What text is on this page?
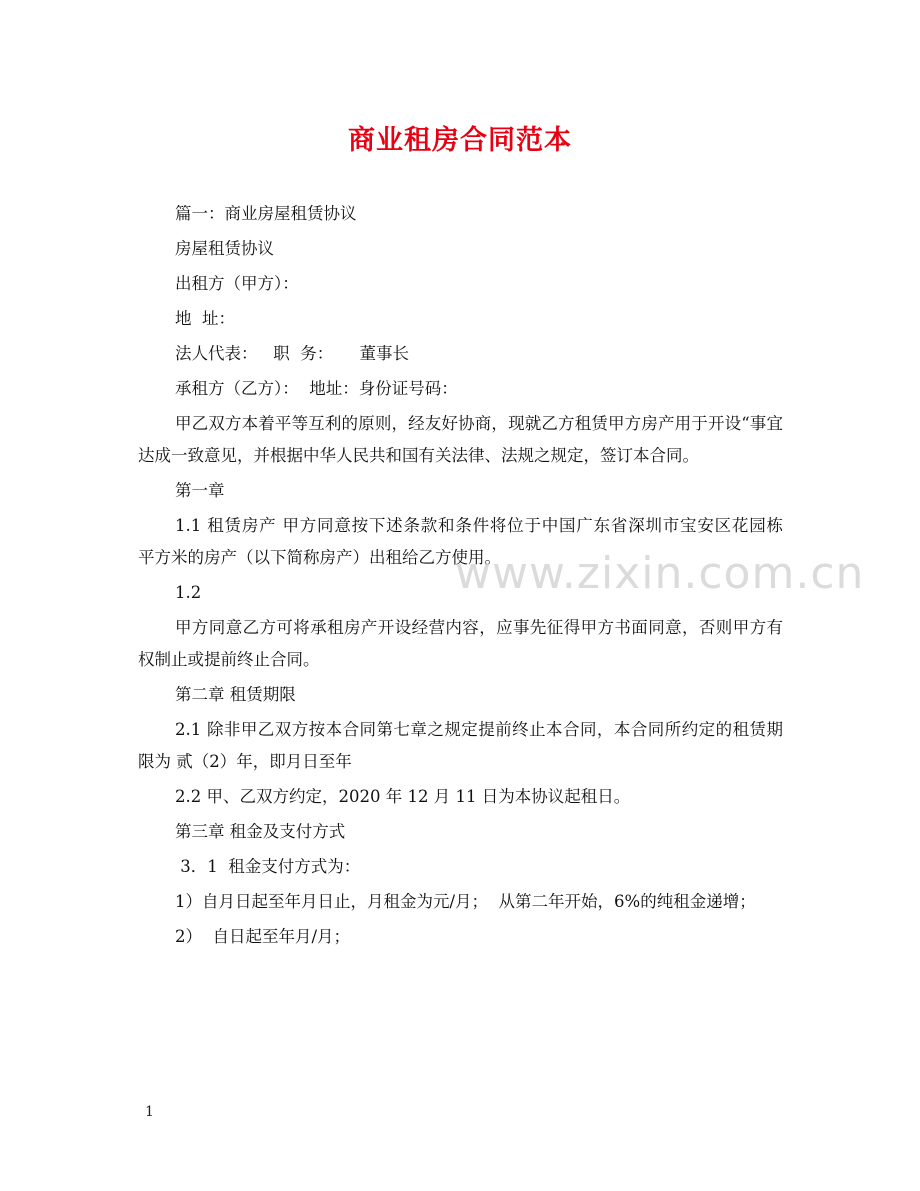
商业租房合同范本

篇一：商业房屋租赁协议

房屋租赁协议

出租方（甲方）：

地  址：

法人代表：   职  务：     董事长

承租方（乙方）：  地址：身份证号码：

甲乙双方本着平等互利的原则，经友好协商，现就乙方租赁甲方房产用于开设“事宜达成一致意见，并根据中华人民共和国有关法律、法规之规定，签订本合同。

第一章

1.1 租赁房产 甲方同意按下述条款和条件将位于中国广东省深圳市宝安区花园栋   平方米的房产（以下简称房产）出租给乙方使用。

1.2

甲方同意乙方可将承租房产开设经营内容，应事先征得甲方书面同意，否则甲方有权制止或提前终止合同。

第二章 租赁期限

2.1 除非甲乙双方按本合同第七章之规定提前终止本合同，本合同所约定的租赁期限为 贰（2）年，即月日至年

2.2 甲、乙双方约定，2020 年 12 月 11 日为本协议起租日。

第三章 租金及支付方式

3．1  租金支付方式为：

1）自月日起至年月日止，月租金为元/月；  从第二年开始，6%的纯租金递增；

2）  自日起至年月/月；

www.zixin.com.cn
1
